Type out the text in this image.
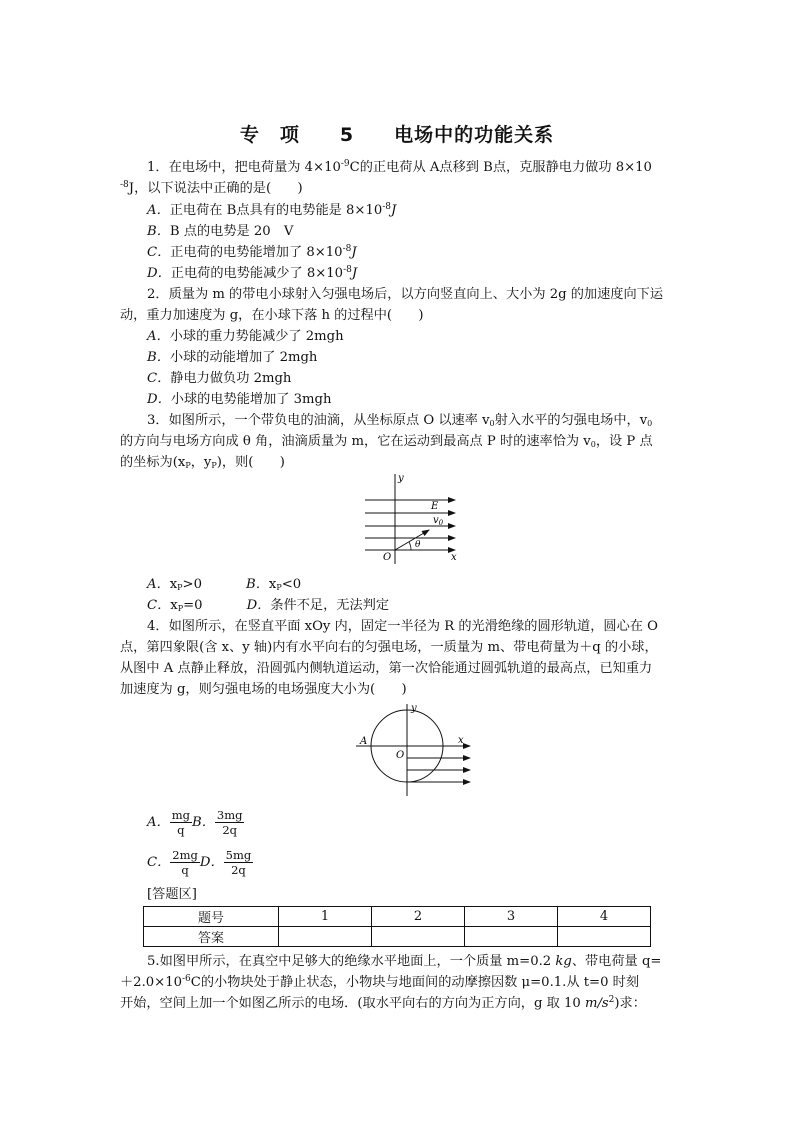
专 项 5 电场中的功能关系
1．在电场中，把电荷量为 $4\times 10^{-9}C$的正电荷从 A点移到 B点，克服静电力做功 8×10
$^{-8}$J，以下说法中正确的是(　　)
A．正电荷在 B点具有的电势能是 $8\times 10^{-8}J$
B．B 点的电势是 20　V
C．正电荷的电势能增加了 $8\times 10^{-8}J$
D．正电荷的电势能减少了 $8\times 10^{-8}J$
2．质量为 m 的带电小球射入匀强电场后，以方向竖直向上、大小为 2g 的加速度向下运
动，重力加速度为 g，在小球下落 h 的过程中(　　)
A．小球的重力势能减少了 2mgh
B．小球的动能增加了 2mgh
C．静电力做负功 2mgh
D．小球的电势能增加了 3mgh
3．如图所示，一个带负电的油滴，从坐标原点 O 以速率 $v_0$射入水平的匀强电场中，$v_0$
的方向与电场方向成 θ 角，油滴质量为 m，它在运动到最高点 P 时的速率恰为 $v_0$，设 P 点
的坐标为($x_P$，$y_P$)，则(　　)
y
E
$v_0$
θ
O	x
A．$x_P>0$	B．$x_P<0$
C．$x_P=0$	D．条件不足，无法判定
4．如图所示，在竖直平面 xOy 内，固定一半径为 R 的光滑绝缘的圆形轨道，圆心在 O
点，第四象限(含 x、y 轴)内有水平向右的匀强电场，一质量为 m、带电荷量为＋q 的小球，
从图中 A 点静止释放，沿圆弧内侧轨道运动，第一次恰能通过圆弧轨道的最高点，已知重力
加速度为 g，则匀强电场的电场强度大小为(　　)
y
A
O
x
A． $\frac{mg}{q}$ B． $\frac{3mg}{2q}$
C． $\frac{2mg}{q}$ D． $\frac{5mg}{2q}$
[答题区]
题号	1	2	3	4
答案				
5.如图甲所示，在真空中足够大的绝缘水平地面上，一个质量 m=0.2 kg、带电荷量 q=
$+2.0\times 10^{-6}C$的小物块处于静止状态，小物块与地面间的动摩擦因数 μ=0.1.从 t=0 时刻
开始，空间上加一个如图乙所示的电场．(取水平向右的方向为正方向，g 取 10 $m/s^2$)求：
